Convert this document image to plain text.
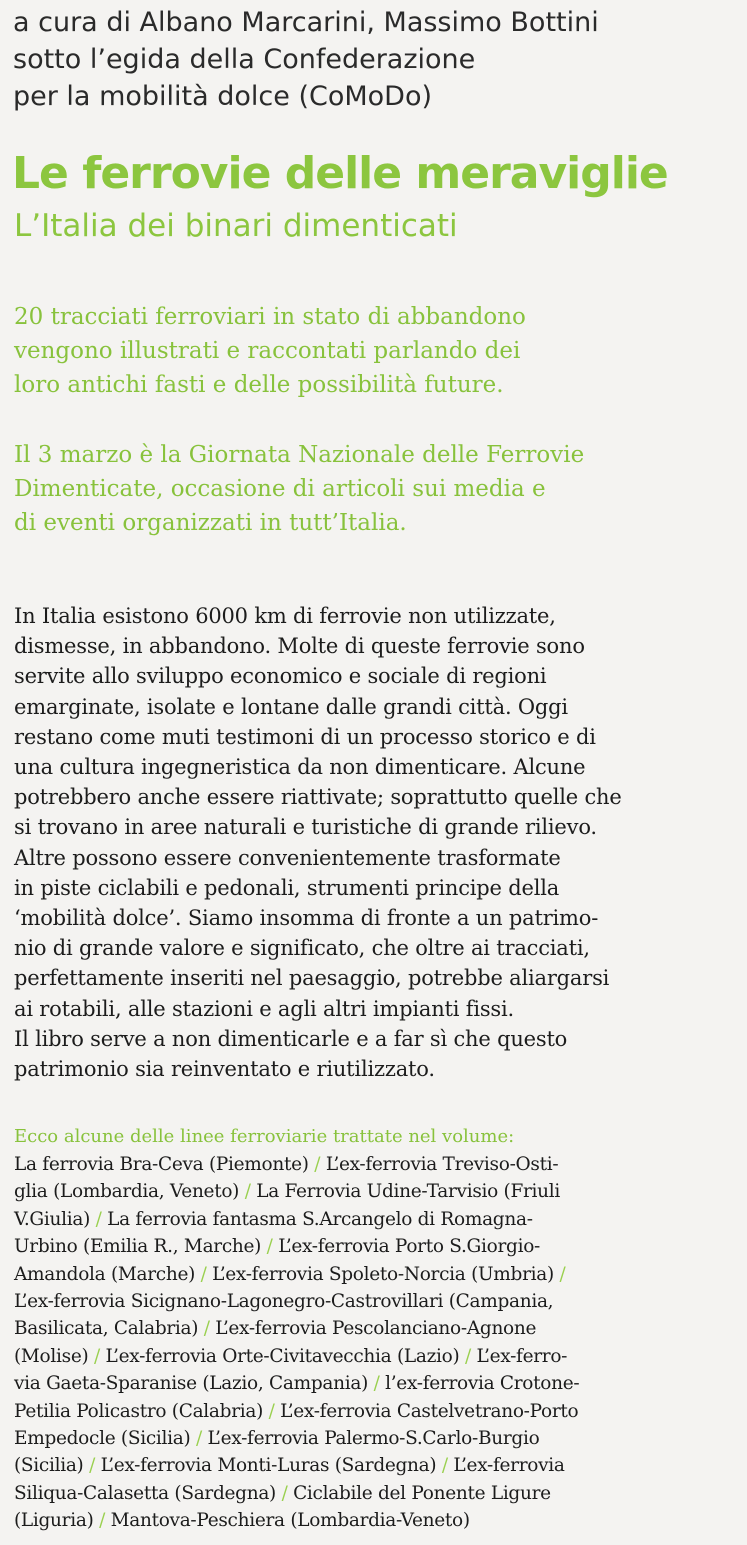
a cura di Albano Marcarini, Massimo Bottini
sotto l’egida della Confederazione
per la mobilità dolce (CoMoDo)
Le ferrovie delle meraviglie
L’Italia dei binari dimenticati
20 tracciati ferroviari in stato di abbandono
vengono illustrati e raccontati parlando dei
loro antichi fasti e delle possibilità future.
Il 3 marzo è la Giornata Nazionale delle Ferrovie
Dimenticate, occasione di articoli sui media e
di eventi organizzati in tutt’Italia.
In Italia esistono 6000 km di ferrovie non utilizzate,
dismesse, in abbandono. Molte di queste ferrovie sono
servite allo sviluppo economico e sociale di regioni
emarginate, isolate e lontane dalle grandi città. Oggi
restano come muti testimoni di un processo storico e di
una cultura ingegneristica da non dimenticare. Alcune
potrebbero anche essere riattivate; soprattutto quelle che
si trovano in aree naturali e turistiche di grande rilievo.
Altre possono essere convenientemente trasformate
in piste ciclabili e pedonali, strumenti principe della
‘mobilità dolce’. Siamo insomma di fronte a un patrimo-
nio di grande valore e significato, che oltre ai tracciati,
perfettamente inseriti nel paesaggio, potrebbe aliargarsi
ai rotabili, alle stazioni e agli altri impianti fissi.
Il libro serve a non dimenticarle e a far sì che questo
patrimonio sia reinventato e riutilizzato.
Ecco alcune delle linee ferroviarie trattate nel volume:
La ferrovia Bra-Ceva (Piemonte) / L’ex-ferrovia Treviso-Osti-
glia (Lombardia, Veneto) / La Ferrovia Udine-Tarvisio (Friuli
V.Giulia) / La ferrovia fantasma S.Arcangelo di Romagna-
Urbino (Emilia R., Marche) / L’ex-ferrovia Porto S.Giorgio-
Amandola (Marche) / L’ex-ferrovia Spoleto-Norcia (Umbria) /
L’ex-ferrovia Sicignano-Lagonegro-Castrovillari (Campania,
Basilicata, Calabria) / L’ex-ferrovia Pescolanciano-Agnone
(Molise) / L’ex-ferrovia Orte-Civitavecchia (Lazio) / L’ex-ferro-
via Gaeta-Sparanise (Lazio, Campania) / l’ex-ferrovia Crotone-
Petilia Policastro (Calabria) / L’ex-ferrovia Castelvetrano-Porto
Empedocle (Sicilia) / L’ex-ferrovia Palermo-S.Carlo-Burgio
(Sicilia) / L’ex-ferrovia Monti-Luras (Sardegna) / L’ex-ferrovia
Siliqua-Calasetta (Sardegna) / Ciclabile del Ponente Ligure
(Liguria) / Mantova-Peschiera (Lombardia-Veneto)
